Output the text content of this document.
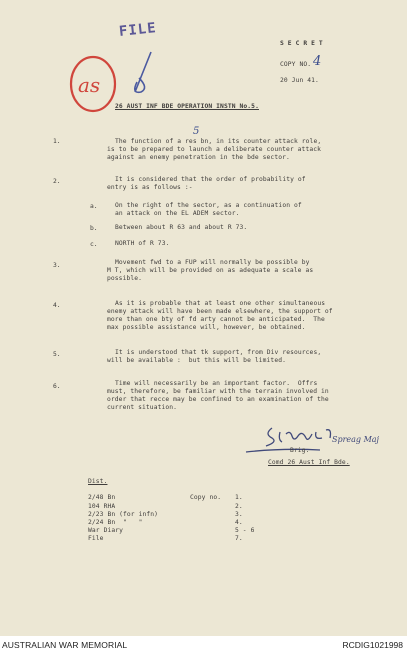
FILE
as
S E C R E T
COPY NO. 4
20 Jun 41.
26 AUST INF BDE OPERATION INSTN No.5.
1.	The function of a res bn, in its counter attack role,
is to be prepared to launch a deliberate counter attack
against an enemy penetration in the bde sector.
5
2.	It is considered that the order of probability of
entry is as follows :-
a.	On the right of the sector, as a continuation of
an attack on the EL ADEM sector.
b.	Between about R 63 and about R 73.
c.	NORTH of R 73.
3.	Movement fwd to a FUP will normally be possible by
M T, which will be provided on as adequate a scale as
possible.
4.	As it is probable that at least one other simultaneous
enemy attack will have been made elsewhere, the support of
more than one bty of fd arty cannot be anticipated.  The
max possible assistance will, however, be obtained.
5.	It is understood that tk support, from Div resources,
will be available :  but this will be limited.
6.	Time will necessarily be an important factor.  Offrs
must, therefore, be familiar with the terrain involved in
order that recce may be confined to an examination of the
current situation.
Spreag Maj
Brig.
Comd 26 Aust Inf Bde.
Dist.
Copy no.
2/48 Bn	1.
104 RHA	2.
2/23 Bn (for infn)	3.
2/24 Bn  "   "	4.
War Diary	5 - 6
File	7.
AUSTRALIAN WAR MEMORIAL	RCDIG1021998
